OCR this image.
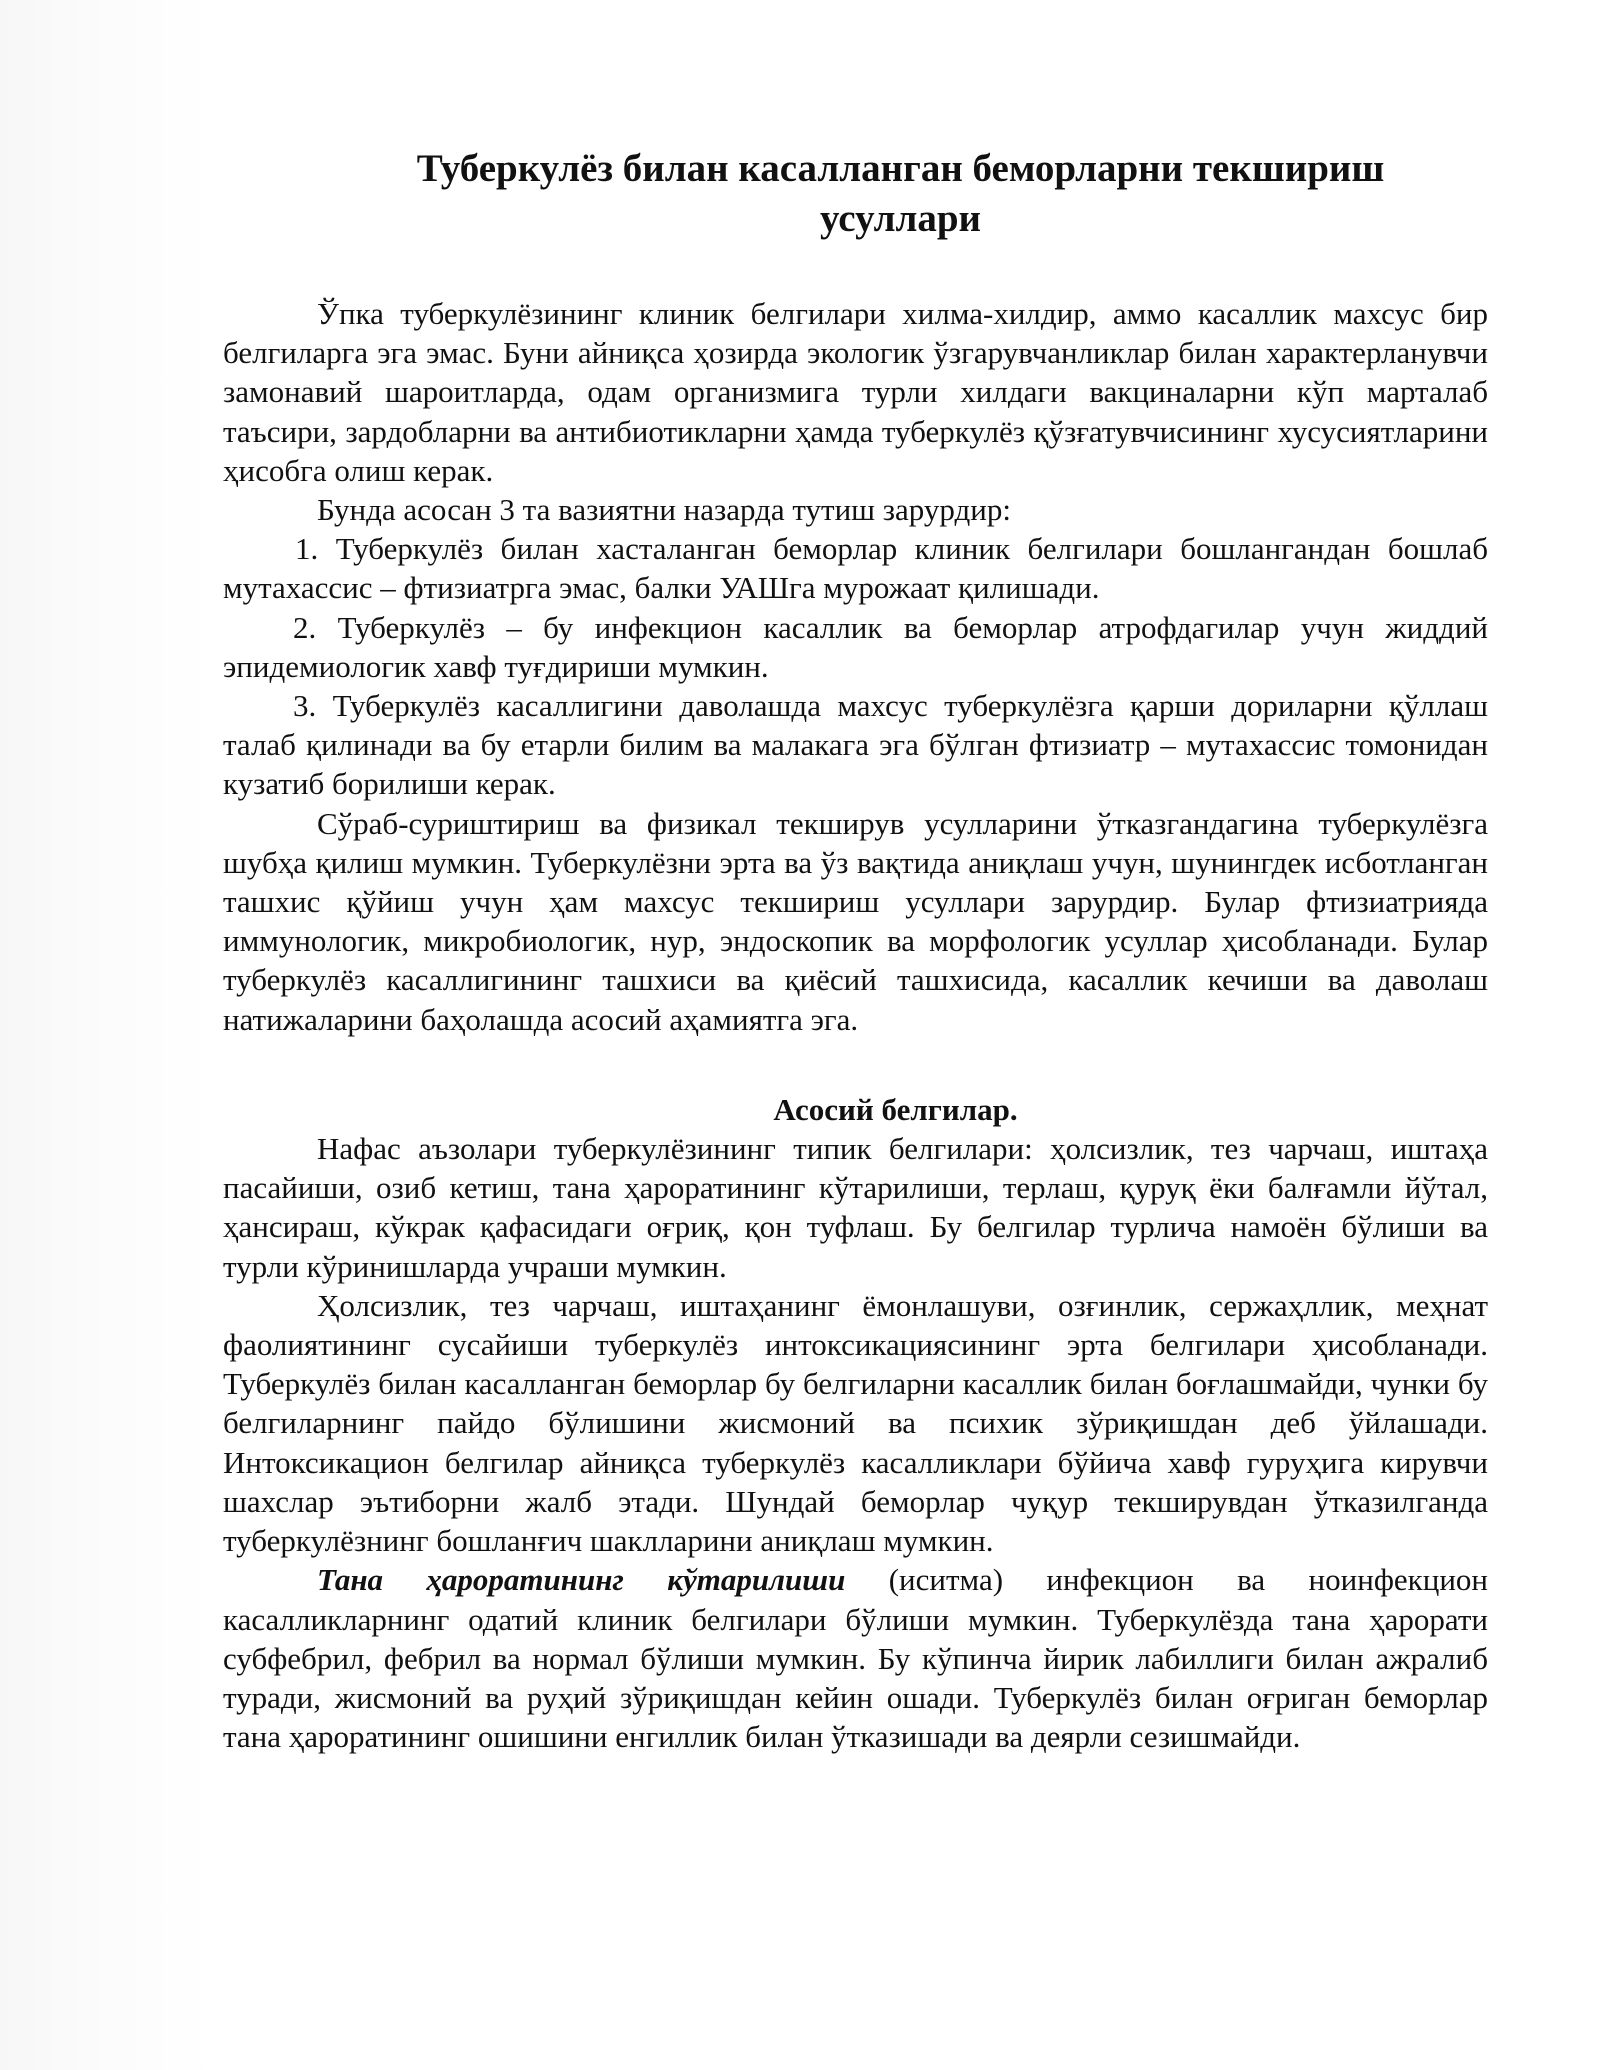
Туберкулёз билан касалланган беморларни текшириш
усуллари

Ўпка туберкулёзининг клиник белгилари хилма-хилдир, аммо касаллик махсус бир белгиларга эга эмас. Буни айниқса ҳозирда экологик ўзгарувчанликлар билан характерланувчи замонавий шароитларда, одам организмига турли хилдаги вакциналарни кўп марталаб таъсири, зардобларни ва антибиотикларни ҳамда туберкулёз қўзғатувчисининг хусусиятларини ҳисобга олиш керак.

Бунда асосан 3 та вазиятни назарда тутиш зарурдир:

1. Туберкулёз билан хасталанган беморлар клиник белгилари бошлангандан бошлаб мутахассис – фтизиатрга эмас, балки УАШга мурожаат қилишади.

2. Туберкулёз – бу инфекцион касаллик ва беморлар атрофдагилар учун жиддий эпидемиологик хавф туғдириши мумкин.

3. Туберкулёз касаллигини даволашда махсус туберкулёзга қарши дориларни қўллаш талаб қилинади ва бу етарли билим ва малакага эга бўлган фтизиатр – мутахассис томонидан кузатиб борилиши керак.

Сўраб-суриштириш ва физикал текширув усулларини ўтказгандагина туберкулёзга шубҳа қилиш мумкин. Туберкулёзни эрта ва ўз вақтида аниқлаш учун, шунингдек исботланган ташхис қўйиш учун ҳам махсус текшириш усуллари зарурдир. Булар фтизиатрияда иммунологик, микробиологик, нур, эндоскопик ва морфологик усуллар ҳисобланади. Булар туберкулёз касаллигининг ташхиси ва қиёсий ташхисида, касаллик кечиши ва даволаш натижаларини баҳолашда асосий аҳамиятга эга.

Асосий белгилар.

Нафас аъзолари туберкулёзининг типик белгилари: ҳолсизлик, тез чарчаш, иштаҳа пасайиши, озиб кетиш, тана ҳароратининг кўтарилиши, терлаш, қуруқ ёки балғамли йўтал, ҳансираш, кўкрак қафасидаги оғриқ, қон туфлаш. Бу белгилар турлича намоён бўлиши ва турли кўринишларда учраши мумкин.

Ҳолсизлик, тез чарчаш, иштаҳанинг ёмонлашуви, озғинлик, сержаҳллик, меҳнат фаолиятининг сусайиши туберкулёз интоксикациясининг эрта белгилари ҳисобланади. Туберкулёз билан касалланган беморлар бу белгиларни касаллик билан боғлашмайди, чунки бу белгиларнинг пайдо бўлишини жисмоний ва психик зўриқишдан деб ўйлашади. Интоксикацион белгилар айниқса туберкулёз касалликлари бўйича хавф гуруҳига кирувчи шахслар эътиборни жалб этади. Шундай беморлар чуқур текширувдан ўтказилганда туберкулёзнинг бошланғич шаклларини аниқлаш мумкин.

Тана ҳароратининг кўтарилиши (иситма) инфекцион ва ноинфекцион касалликларнинг одатий клиник белгилари бўлиши мумкин. Туберкулёзда тана ҳарорати субфебрил, фебрил ва нормал бўлиши мумкин. Бу кўпинча йирик лабиллиги билан ажралиб туради, жисмоний ва руҳий зўриқишдан кейин ошади. Туберкулёз билан оғриган беморлар тана ҳароратининг ошишини енгиллик билан ўтказишади ва деярли сезишмайди.
